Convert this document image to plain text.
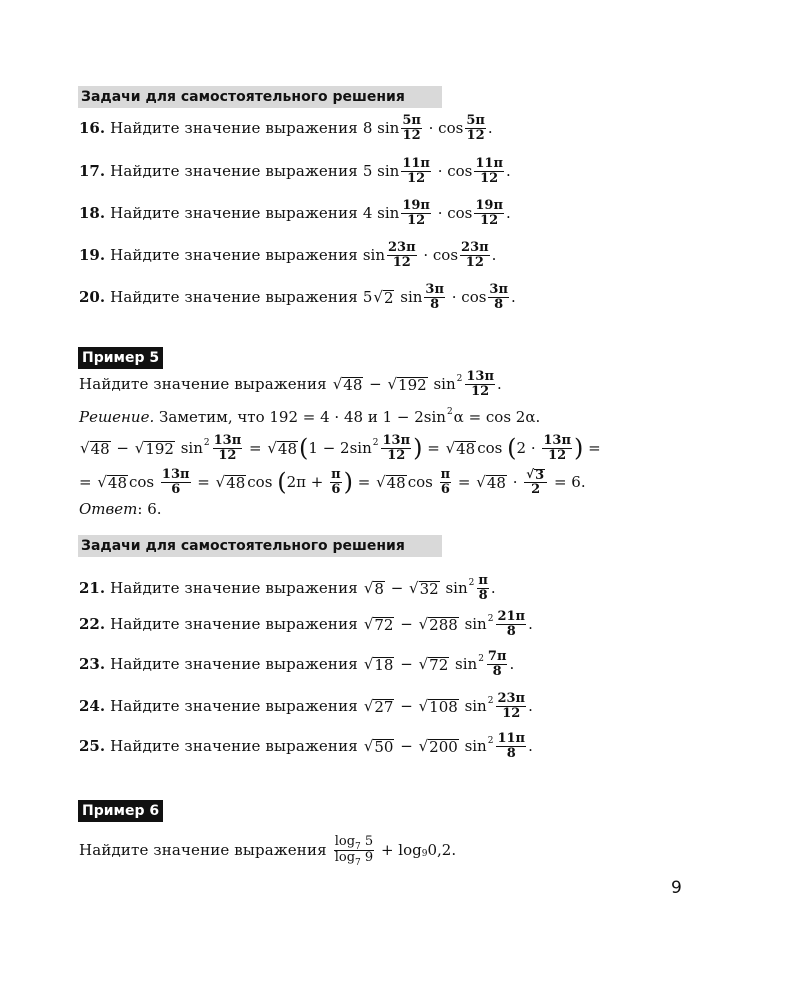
Задачи для самостоятельного решения
16. Найдите значение выражения 8 $\sin \frac{5\pi}{12} \cdot \cos \frac{5\pi}{12}$ .
17. Найдите значение выражения 5 $\sin \frac{11\pi}{12} \cdot \cos \frac{11\pi}{12}$ .
18. Найдите значение выражения 4 $\sin \frac{19\pi}{12} \cdot \cos \frac{19\pi}{12}$ .
19. Найдите значение выражения $\sin \frac{23\pi}{12} \cdot \cos \frac{23\pi}{12}$ .
20. Найдите значение выражения 5 √ 2 $\sin \frac{3\pi}{8} \cdot \cos \frac{3\pi}{8}$ .
Пример 5
Найдите значение выражения √ 48 − √ 192 $\sin 2 \frac{13\pi}{12}$ .
Решение.
Заметим, что 192 = 4 · 48 и 1 − 2sin 2 α = cos 2α.
√ 48 − √ 192 $\sin 2 \frac{13\pi}{12}$ = √ 48 ( 1 − 2sin $2 \frac{13\pi}{12}$ ) = √ 48 cos ( $2 \cdot \frac{13\pi}{12}$ ) =
= √ 48 $\cos \frac{13\pi}{6}$ = √ 48 cos ( $2\pi + \frac{\pi}{6}$ ) = √ 48 $\cos \frac{\pi}{6}$ = √ $48 \cdot \frac{√ 3}{2} = 6$.
Ответ : 6.
Задачи для самостоятельного решения
21. Найдите значение выражения √ 8 − √ 32 $\sin 2 \frac{\pi}{8}$ .
22. Найдите значение выражения √ 72 − √ 288 $\sin 2 \frac{21\pi}{8}$ .
23. Найдите значение выражения √ 18 − √ 72 $\sin 2 \frac{7\pi}{8}$ .
24. Найдите значение выражения √ 27 − √ 108 $\sin 2 \frac{23\pi}{12}$ .
25. Найдите значение выражения √ 50 − √ 200 $\sin 2 \frac{11\pi}{8}$ .
Пример 6
Найдите значение выражения $\frac{\log_7 5}{\log_7 9}$
+ log 9 0,2.
9
